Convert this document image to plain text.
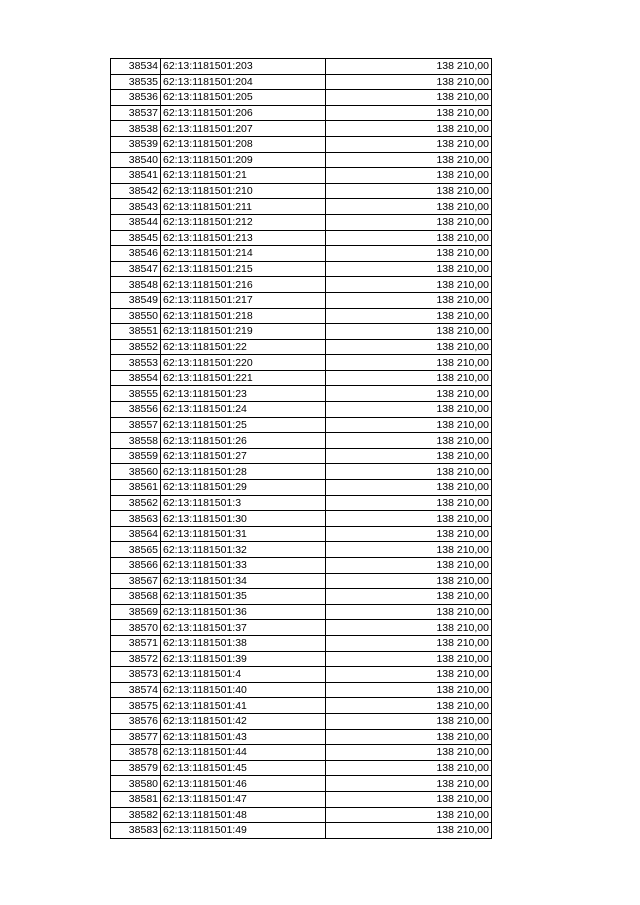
38534	62:13:1181501:203	138 210,00
38535	62:13:1181501:204	138 210,00
38536	62:13:1181501:205	138 210,00
38537	62:13:1181501:206	138 210,00
38538	62:13:1181501:207	138 210,00
38539	62:13:1181501:208	138 210,00
38540	62:13:1181501:209	138 210,00
38541	62:13:1181501:21	138 210,00
38542	62:13:1181501:210	138 210,00
38543	62:13:1181501:211	138 210,00
38544	62:13:1181501:212	138 210,00
38545	62:13:1181501:213	138 210,00
38546	62:13:1181501:214	138 210,00
38547	62:13:1181501:215	138 210,00
38548	62:13:1181501:216	138 210,00
38549	62:13:1181501:217	138 210,00
38550	62:13:1181501:218	138 210,00
38551	62:13:1181501:219	138 210,00
38552	62:13:1181501:22	138 210,00
38553	62:13:1181501:220	138 210,00
38554	62:13:1181501:221	138 210,00
38555	62:13:1181501:23	138 210,00
38556	62:13:1181501:24	138 210,00
38557	62:13:1181501:25	138 210,00
38558	62:13:1181501:26	138 210,00
38559	62:13:1181501:27	138 210,00
38560	62:13:1181501:28	138 210,00
38561	62:13:1181501:29	138 210,00
38562	62:13:1181501:3	138 210,00
38563	62:13:1181501:30	138 210,00
38564	62:13:1181501:31	138 210,00
38565	62:13:1181501:32	138 210,00
38566	62:13:1181501:33	138 210,00
38567	62:13:1181501:34	138 210,00
38568	62:13:1181501:35	138 210,00
38569	62:13:1181501:36	138 210,00
38570	62:13:1181501:37	138 210,00
38571	62:13:1181501:38	138 210,00
38572	62:13:1181501:39	138 210,00
38573	62:13:1181501:4	138 210,00
38574	62:13:1181501:40	138 210,00
38575	62:13:1181501:41	138 210,00
38576	62:13:1181501:42	138 210,00
38577	62:13:1181501:43	138 210,00
38578	62:13:1181501:44	138 210,00
38579	62:13:1181501:45	138 210,00
38580	62:13:1181501:46	138 210,00
38581	62:13:1181501:47	138 210,00
38582	62:13:1181501:48	138 210,00
38583	62:13:1181501:49	138 210,00
